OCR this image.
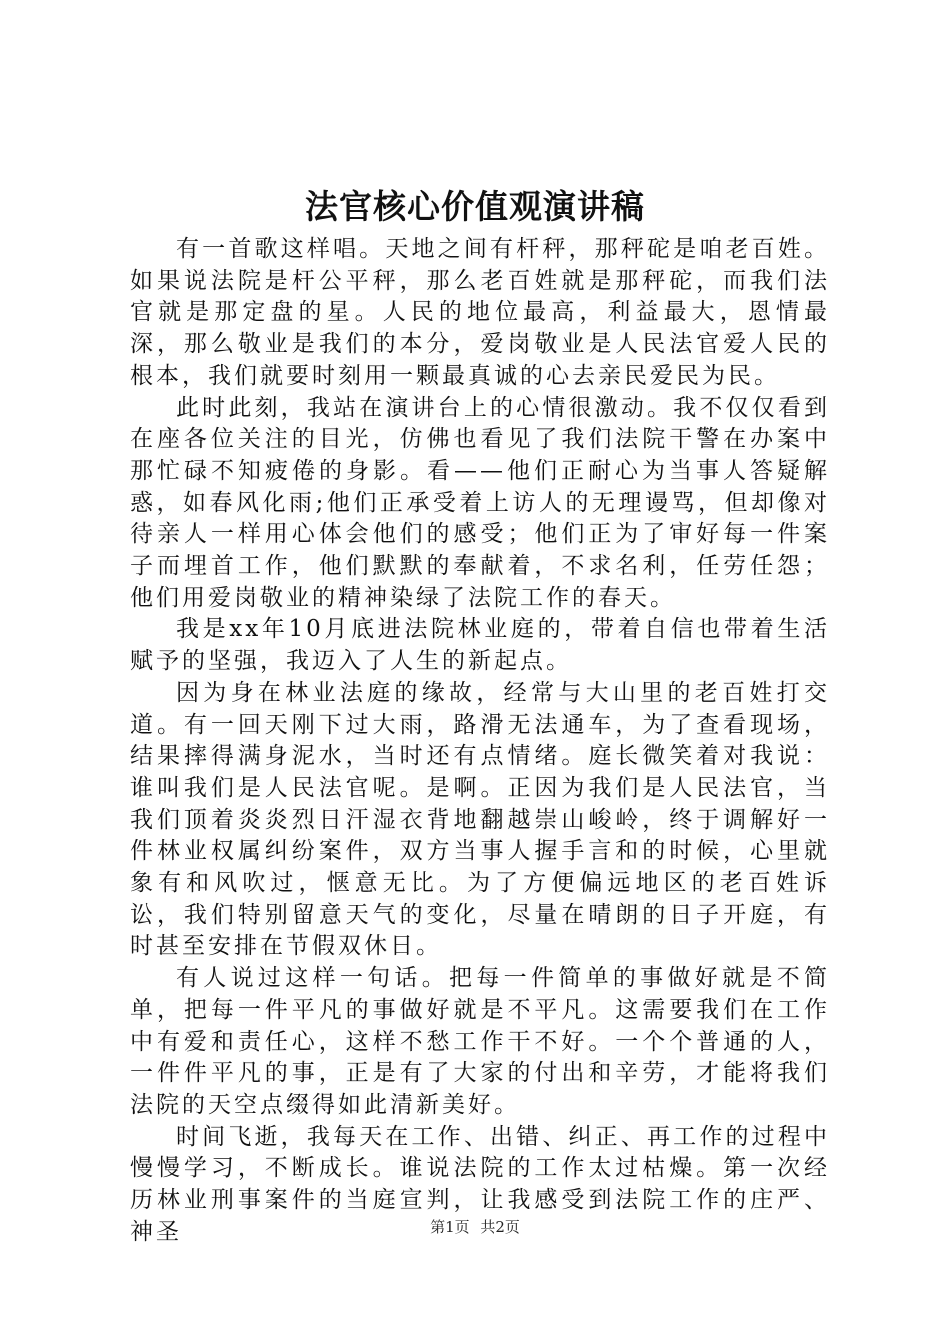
法官核心价值观演讲稿

有一首歌这样唱。天地之间有杆秤，那秤砣是咱老百姓。如果说法院是杆公平秤，那么老百姓就是那秤砣，而我们法官就是那定盘的星。人民的地位最高，利益最大，恩情最深，那么敬业是我们的本分，爱岗敬业是人民法官爱人民的根本，我们就要时刻用一颗最真诚的心去亲民爱民为民。

此时此刻，我站在演讲台上的心情很激动。我不仅仅看到在座各位关注的目光，仿佛也看见了我们法院干警在办案中那忙碌不知疲倦的身影。看——他们正耐心为当事人答疑解惑，如春风化雨;他们正承受着上访人的无理谩骂，但却像对待亲人一样用心体会他们的感受；他们正为了审好每一件案子而埋首工作，他们默默的奉献着，不求名利，任劳任怨；他们用爱岗敬业的精神染绿了法院工作的春天。

我是xx年10月底进法院林业庭的，带着自信也带着生活赋予的坚强，我迈入了人生的新起点。

因为身在林业法庭的缘故，经常与大山里的老百姓打交道。有一回天刚下过大雨，路滑无法通车，为了查看现场，结果摔得满身泥水，当时还有点情绪。庭长微笑着对我说：谁叫我们是人民法官呢。是啊。正因为我们是人民法官，当我们顶着炎炎烈日汗湿衣背地翻越崇山峻岭，终于调解好一件林业权属纠纷案件，双方当事人握手言和的时候，心里就象有和风吹过，惬意无比。为了方便偏远地区的老百姓诉讼，我们特别留意天气的变化，尽量在晴朗的日子开庭，有时甚至安排在节假双休日。

有人说过这样一句话。把每一件简单的事做好就是不简单，把每一件平凡的事做好就是不平凡。这需要我们在工作中有爱和责任心，这样不愁工作干不好。一个个普通的人，一件件平凡的事，正是有了大家的付出和辛劳，才能将我们法院的天空点缀得如此清新美好。

时间飞逝，我每天在工作、出错、纠正、再工作的过程中慢慢学习，不断成长。谁说法院的工作太过枯燥。第一次经历林业刑事案件的当庭宣判，让我感受到法院工作的庄严、神圣	第1页 共2页
